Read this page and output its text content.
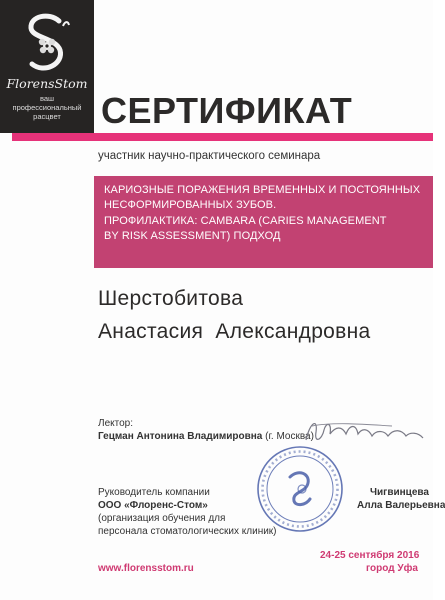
FlorensStom
ваш
профессиональный
расцвет	СЕРТИФИКАТ
участник научно-практического семинара
КАРИОЗНЫЕ ПОРАЖЕНИЯ ВРЕМЕННЫХ И ПОСТОЯННЫХ
НЕСФОРМИРОВАННЫХ ЗУБОВ.
ПРОФИЛАКТИКА: CAMBARA (CARIES MANAGEMENT
BY RISK ASSESSMENT) ПОДХОД
Шерстобитова
Анастасия  Александровна
Лектор:
Гецман Антонина Владимировна (г. Москва)
Руководитель компании
ООО «Флоренс-Стом»
(организация обучения для
персонала стоматологических клиник)
Чигвинцева
Алла Валерьевна
www.florensstom.ru
24-25 сентября 2016
город Уфа
